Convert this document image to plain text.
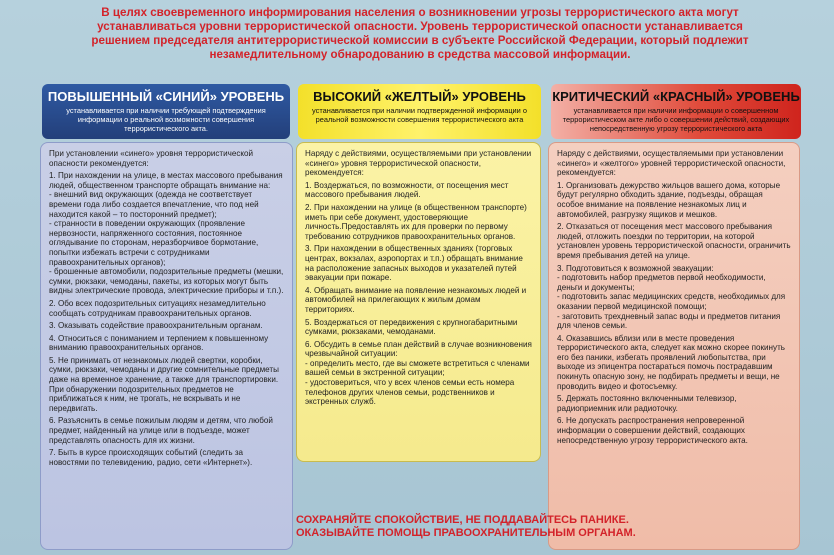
В целях своевременного информирования населения о возникновении угрозы террористического акта могут
устанавливаться уровни террористической опасности. Уровень террористической опасности устанавливается
решением председателя антитеррористической комиссии в субъекте Российской Федерации, который подлежит
незамедлительному обнародованию в средства массовой информации.
ПОВЫШЕННЫЙ «СИНИЙ» УРОВЕНЬ
устанавливается при наличии требующей подтверждения информации о реальной возможности совершения террористического акта.

При установлении «синего» уровня террористической опасности рекомендуется:

1. При нахождении на улице, в местах массового пребывания людей, общественном транспорте обращать внимание на:
- внешний вид окружающих (одежда не соответствует времени года либо создается впечатление, что под ней находится какой – то посторонний предмет);
- странности в поведении окружающих (проявление нервозности, напряженного состояния, постоянное оглядывание по сторонам, неразборчивое бормотание, попытки избежать встречи с сотрудниками правоохранительных органов);
- брошенные автомобили, подозрительные предметы (мешки, сумки, рюкзаки, чемоданы, пакеты, из которых могут быть видны электрические провода, электрические приборы и т.п.).

2. Обо всех подозрительных ситуациях незамедлительно сообщать сотрудникам правоохранительных органов.

3. Оказывать содействие правоохранительным органам.

4. Относиться с пониманием и терпением к повышенному вниманию правоохранительных органов.

5. Не принимать от незнакомых людей свертки, коробки, сумки, рюкзаки, чемоданы и другие сомнительные предметы даже на временное хранение, а также для транспортировки. При обнаружении подозрительных предметов не приближаться к ним, не трогать, не вскрывать и не передвигать.

6. Разъяснить в семье пожилым людям и детям, что любой предмет, найденный на улице или в подъезде, может представлять опасность для их жизни.

7. Быть в курсе происходящих событий (следить за новостями по телевидению, радио, сети «Интернет»).

ВЫСОКИЙ «ЖЕЛТЫЙ» УРОВЕНЬ
устанавливается при наличии подтвержденной информации о реальной возможности совершения террористического акта

Наряду с действиями, осуществляемыми при установлении «синего» уровня террористической опасности, рекомендуется:

1. Воздержаться, по возможности, от посещения мест массового пребывания людей.

2. При нахождении на улице (в общественном транспорте) иметь при себе документ, удостоверяющие личность.Предоставлять их для проверки по первому требованию сотрудников правоохранительных органов.

3. При нахождении в общественных зданиях (торговых центрах, вокзалах, аэропортах и т.п.) обращать внимание на расположение запасных выходов и указателей путей эвакуации при пожаре.

4. Обращать внимание на появление незнакомых людей и автомобилей на прилегающих к жилым домам территориях.

5. Воздержаться от передвижения с крупногабаритными сумками, рюкзаками, чемоданами.

6. Обсудить в семье план действий в случае возникновения чрезвычайной ситуации:
- определить место, где вы сможете встретиться с членами вашей семьи в экстренной ситуации;
- удостовериться, что у всех членов семьи есть номера телефонов других членов семьи, родственников и экстренных служб.

КРИТИЧЕСКИЙ «КРАСНЫЙ» УРОВЕНЬ
устанавливается при наличии информации о совершенном террористическом акте либо о совершении действий, создающих непосредственную угрозу террористического акта

Наряду с действиями, осуществляемыми при установлении «синего» и «желтого» уровней террористической опасности, рекомендуется:

1. Организовать дежурство жильцов вашего дома, которые будут регулярно обходить здание, подъезды, обращая особое внимание на появление незнакомых лиц и автомобилей, разгрузку ящиков и мешков.

2. Отказаться от посещения мест массового пребывания людей, отложить поездки по территории, на которой установлен уровень террористической опасности, ограничить время пребывания детей на улице.

3. Подготовиться к возможной эвакуации:
- подготовить набор предметов первой необходимости, деньги и документы;
- подготовить запас медицинских средств, необходимых для оказании первой медицинской помощи;
- заготовить трехдневный запас воды и предметов питания для членов семьи.

4. Оказавшись вблизи или в месте проведения террористического акта, следует как можно скорее покинуть его без паники, избегать проявлений любопытства, при выходе из эпицентра постараться помочь пострадавшим покинуть опасную зону, не подбирать предметы и вещи, не проводить видео и фотосъемку.

5. Держать постоянно включенными телевизор, радиоприемник или радиоточку.

6. Не допускать распространения непроверенной информации о совершении действий, создающих непосредственную угрозу террористического акта.

СОХРАНЯЙТЕ СПОКОЙСТВИЕ, НЕ ПОДДАВАЙТЕСЬ ПАНИКЕ.
ОКАЗЫВАЙТЕ ПОМОЩЬ ПРАВООХРАНИТЕЛЬНЫМ ОРГАНАМ.
